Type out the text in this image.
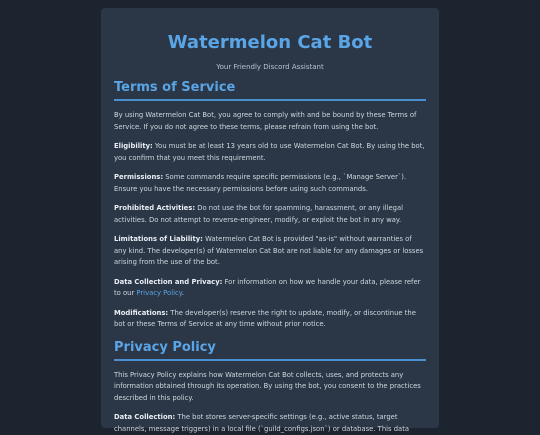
Watermelon Cat Bot
Your Friendly Discord Assistant
Terms of Service

By using Watermelon Cat Bot, you agree to comply with and be bound by these Terms of Service. If you do not agree to these terms, please refrain from using the bot.

Eligibility: You must be at least 13 years old to use Watermelon Cat Bot. By using the bot, you confirm that you meet this requirement.

Permissions: Some commands require specific permissions (e.g., `Manage Server`). Ensure you have the necessary permissions before using such commands.

Prohibited Activities: Do not use the bot for spamming, harassment, or any illegal activities. Do not attempt to reverse-engineer, modify, or exploit the bot in any way.

Limitations of Liability: Watermelon Cat Bot is provided "as-is" without warranties of any kind. The developer(s) of Watermelon Cat Bot are not liable for any damages or losses arising from the use of the bot.

Data Collection and Privacy: For information on how we handle your data, please refer to our Privacy Policy.

Modifications: The developer(s) reserve the right to update, modify, or discontinue the bot or these Terms of Service at any time without prior notice.

Privacy Policy

This Privacy Policy explains how Watermelon Cat Bot collects, uses, and protects any information obtained through its operation. By using the bot, you consent to the practices described in this policy.

Data Collection: The bot stores server-specific settings (e.g., active status, target channels, message triggers) in a local file (`guild_configs.json`) or database. This data
